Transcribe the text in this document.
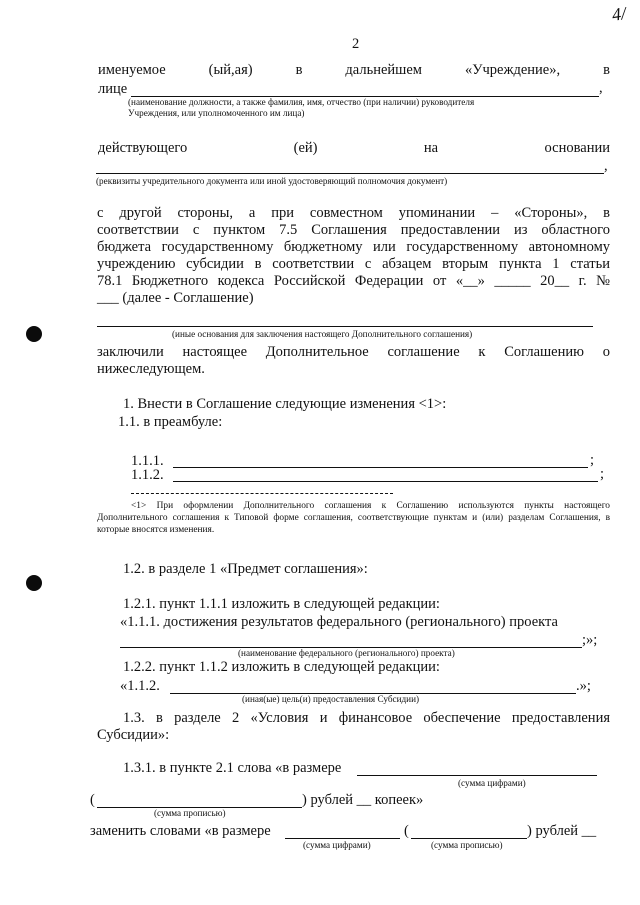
4/
2
именуемое	(ый,ая)	в	дальнейшем	«Учреждение»,	в
лице	,
(наименование должности, а также фамилия, имя, отчество (при наличии) руководителя
Учреждения, или уполномоченного им лица)
действующего	(ей)	на	основании
,
(реквизиты учредительного документа или иной удостоверяющий полномочия документ)
с другой стороны, а при совместном упоминании – «Стороны», в
соответствии с пунктом 7.5 Соглашения предоставлении из областного
бюджета государственному бюджетному или государственному автономному
учреждению субсидии в соответствии с абзацем вторым пункта 1 статьи
78.1 Бюджетного кодекса Российской Федерации от «__» _____ 20__ г. №
___ (далее - Соглашение)
(иные основания для заключения настоящего Дополнительного соглашения)
заключили настоящее Дополнительное соглашение к Соглашению о
нижеследующем.
1. Внести в Соглашение следующие изменения <1>:
1.1. в преамбуле:
1.1.1.	;
1.1.2.	;
<1> При оформлении Дополнительного соглашения к Соглашению используются пункты настоящего Дополнительного соглашения к Типовой форме соглашения, соответствующие пунктам и (или) разделам Соглашения, в которые вносятся изменения.
1.2. в разделе 1 «Предмет соглашения»:
1.2.1. пункт 1.1.1 изложить в следующей редакции:
«1.1.1. достижения результатов федерального (регионального) проекта
;»;
(наименование федерального (регионального) проекта)
1.2.2. пункт 1.1.2 изложить в следующей редакции:
«1.1.2.	.»;
(иная(ые) цель(и) предоставления Субсидии)
1.3. в разделе 2 «Условия и финансовое обеспечение предоставления
Субсидии»:
1.3.1. в пункте 2.1 слова «в размере
(сумма цифрами)
(	) рублей __ копеек»
(сумма прописью)
заменить словами «в размере	(	) рублей __
(сумма цифрами)	(сумма прописью)
